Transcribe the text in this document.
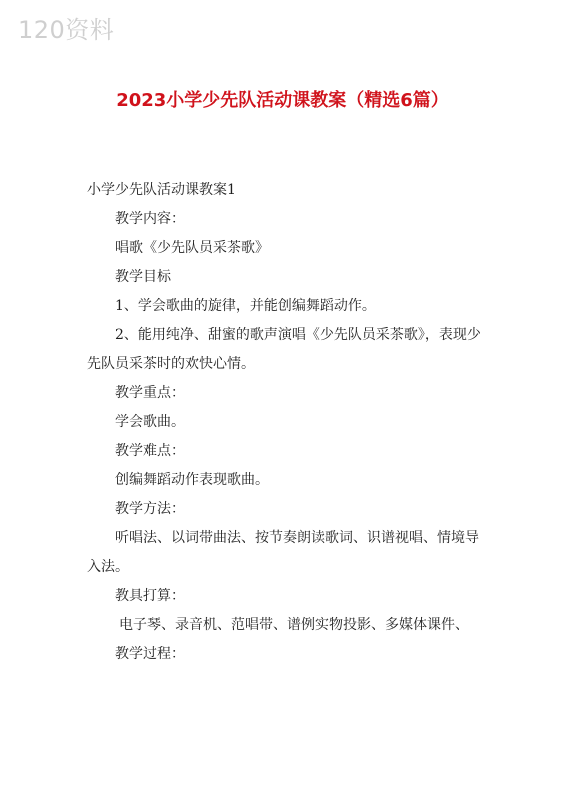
120资料
2023小学少先队活动课教案（精选6篇）

小学少先队活动课教案1

教学内容：

唱歌《少先队员采茶歌》

教学目标

1、学会歌曲的旋律，并能创编舞蹈动作。

2、能用纯净、甜蜜的歌声演唱《少先队员采茶歌》，表现少先队员采茶时的欢快心情。

教学重点：

学会歌曲。

教学难点：

创编舞蹈动作表现歌曲。

教学方法：

听唱法、以词带曲法、按节奏朗读歌词、识谱视唱、情境导入法。

教具打算：

电子琴、录音机、范唱带、谱例实物投影、多媒体课件、

教学过程：
